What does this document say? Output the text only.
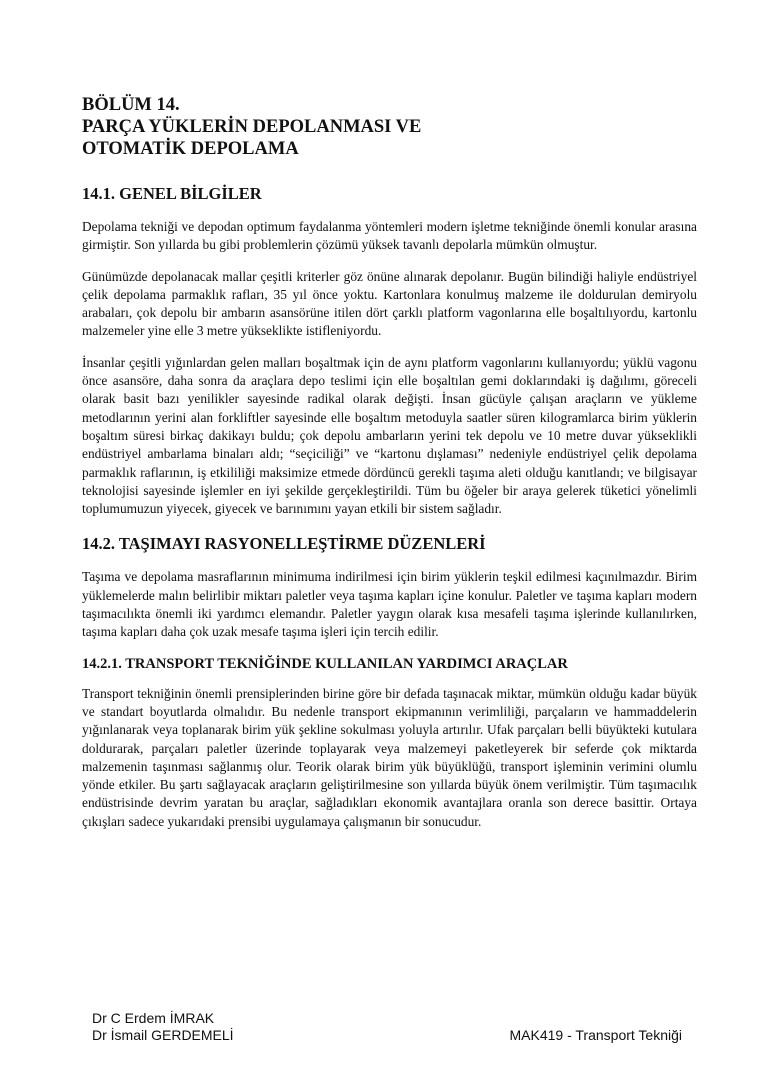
BÖLÜM 14.
PARÇA YÜKLERİN DEPOLANMASI VE
OTOMATİK DEPOLAMA
14.1. GENEL BİLGİLER

Depolama tekniği ve depodan optimum faydalanma yöntemleri modern işletme tekniğinde önemli konular arasına girmiştir. Son yıllarda bu gibi problemlerin çözümü yüksek tavanlı depolarla mümkün olmuştur.

Günümüzde depolanacak mallar çeşitli kriterler göz önüne alınarak depolanır. Bugün bilindiği haliyle endüstriyel çelik depolama parmaklık rafları, 35 yıl önce yoktu. Kartonlara konulmuş malzeme ile doldurulan demiryolu arabaları, çok depolu bir ambarın asansörüne itilen dört çarklı platform vagonlarına elle boşaltılıyordu, kartonlu malzemeler yine elle 3 metre yükseklikte istifleniyordu.

İnsanlar çeşitli yığınlardan gelen malları boşaltmak için de aynı platform vagonlarını kullanıyordu; yüklü vagonu önce asansöre, daha sonra da araçlara depo teslimi için elle boşaltılan gemi doklarındaki iş dağılımı, göreceli olarak basit bazı yenilikler sayesinde radikal olarak değişti. İnsan gücüyle çalışan araçların ve yükleme metodlarının yerini alan forkliftler sayesinde elle boşaltım metoduyla saatler süren kilogramlarca birim yüklerin boşaltım süresi birkaç dakikayı buldu; çok depolu ambarların yerini tek depolu ve 10 metre duvar yükseklikli endüstriyel ambarlama binaları aldı; “seçiciliği” ve “kartonu dışlaması” nedeniyle endüstriyel çelik depolama parmaklık raflarının, iş etkililiği maksimize etmede dördüncü gerekli taşıma aleti olduğu kanıtlandı; ve bilgisayar teknolojisi sayesinde işlemler en iyi şekilde gerçekleştirildi. Tüm bu öğeler bir araya gelerek tüketici yönelimli toplumumuzun yiyecek, giyecek ve barınımını yayan etkili bir sistem sağladır.

14.2. TAŞIMAYI RASYONELLEŞTİRME DÜZENLERİ

Taşıma ve depolama masraflarının minimuma indirilmesi için birim yüklerin teşkil edilmesi kaçınılmazdır. Birim yüklemelerde malın belirlibir miktarı paletler veya taşıma kapları içine konulur. Paletler ve taşıma kapları modern taşımacılıkta önemli iki yardımcı elemandır. Paletler yaygın olarak kısa mesafeli taşıma işlerinde kullanılırken, taşıma kapları daha çok uzak mesafe taşıma işleri için tercih edilir.

14.2.1. TRANSPORT TEKNİĞİNDE KULLANILAN YARDIMCI ARAÇLAR

Transport tekniğinin önemli prensiplerinden birine göre bir defada taşınacak miktar, mümkün olduğu kadar büyük ve standart boyutlarda olmalıdır. Bu nedenle transport ekipmanının verimliliği, parçaların ve hammaddelerin yığınlanarak veya toplanarak birim yük şekline sokulması yoluyla artırılır. Ufak parçaları belli büyükteki kutulara doldurarak, parçaları paletler üzerinde toplayarak veya malzemeyi paketleyerek bir seferde çok miktarda malzemenin taşınması sağlanmış olur. Teorik olarak birim yük büyüklüğü, transport işleminin verimini olumlu yönde etkiler. Bu şartı sağlayacak araçların geliştirilmesine son yıllarda büyük önem verilmiştir. Tüm taşımacılık endüstrisinde devrim yaratan bu araçlar, sağladıkları ekonomik avantajlara oranla son derece basittir. Ortaya çıkışları sadece yukarıdaki prensibi uygulamaya çalışmanın bir sonucudur.

Dr C Erdem İMRAK
Dr İsmail GERDEMELİ	MAK419 - Transport Tekniği
